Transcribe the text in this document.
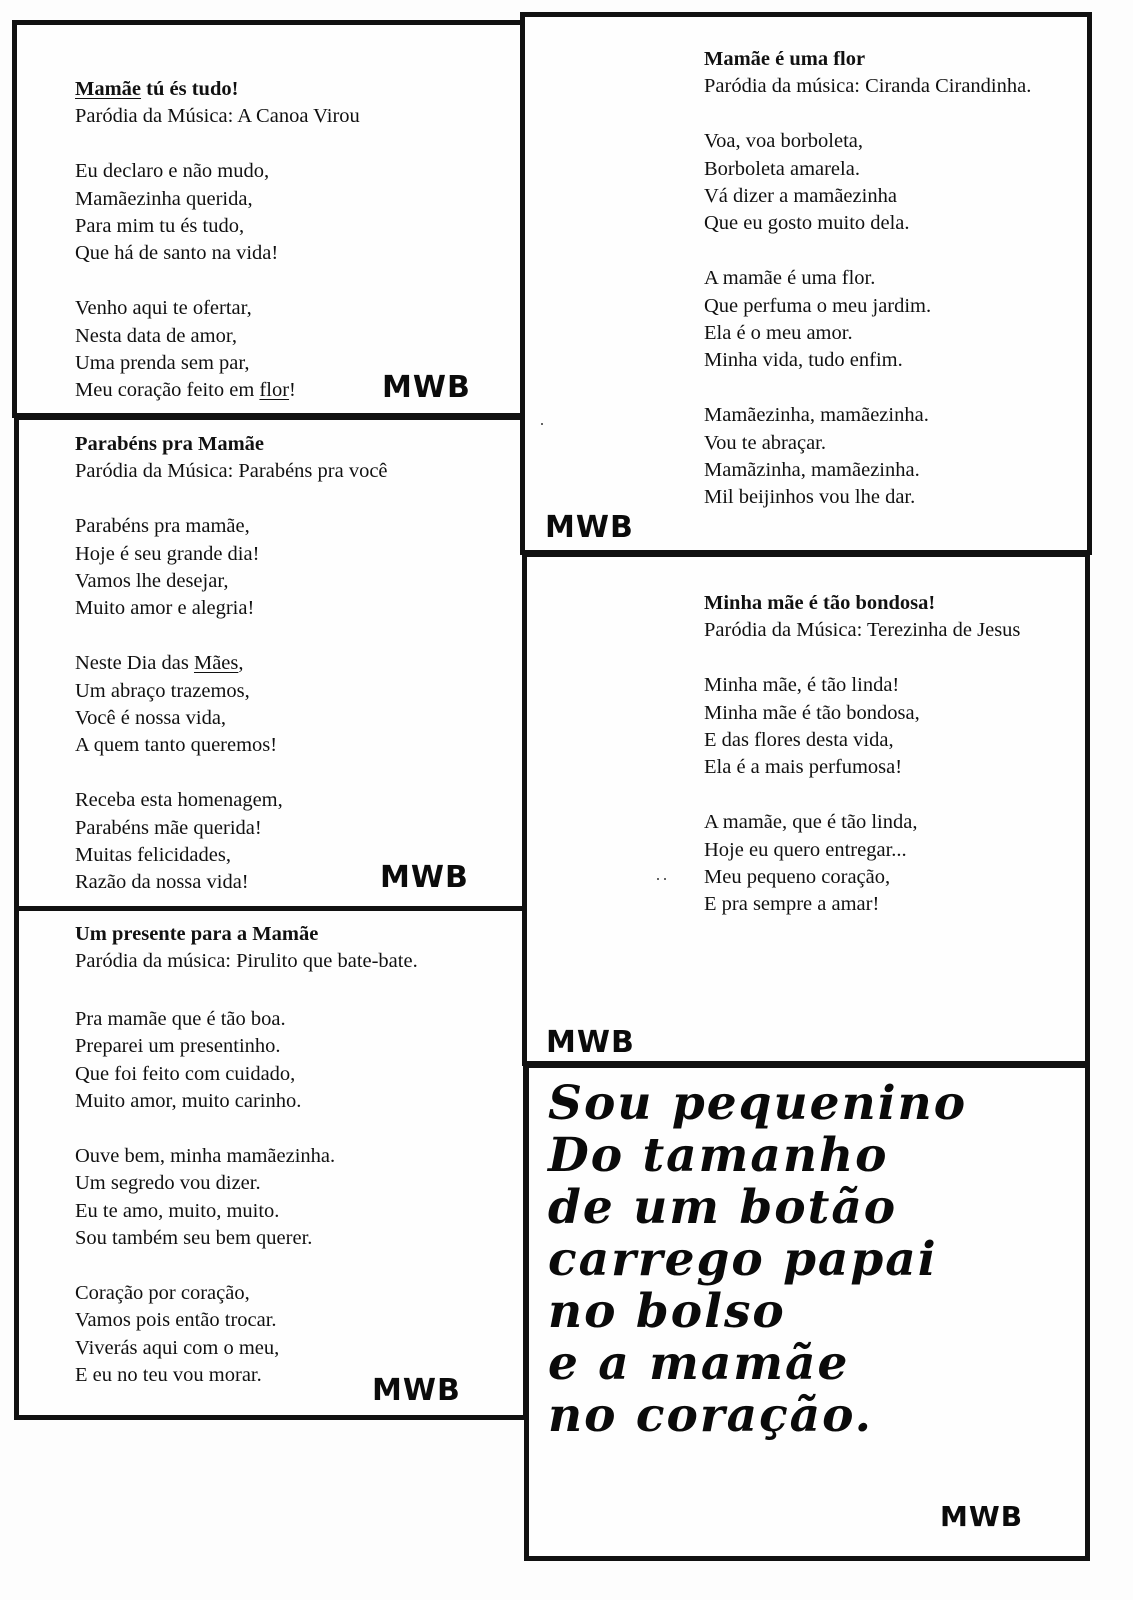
Mamãe tú és tudo!

Paródia da Música: A Canoa Virou

Eu declaro e não mudo,

Mamãezinha querida,

Para mim tu és tudo,

Que há de santo na vida!

Venho aqui te ofertar,

Nesta data de amor,

Uma prenda sem par,

Meu coração feito em flor!	MWB

Parabéns pra Mamãe

Paródia da Música: Parabéns pra você

Parabéns pra mamãe,

Hoje é seu grande dia!

Vamos lhe desejar,

Muito amor e alegria!

Neste Dia das Mães,

Um abraço trazemos,

Você é nossa vida,

A quem tanto queremos!

Receba esta homenagem,

Parabéns mãe querida!

Muitas felicidades,

Razão da nossa vida!	MWB

Um presente para a Mamãe

Paródia da música: Pirulito que bate-bate.

Pra mamãe que é tão boa.

Preparei um presentinho.

Que foi feito com cuidado,

Muito amor, muito carinho.

Ouve bem, minha mamãezinha.

Um segredo vou dizer.

Eu te amo, muito, muito.

Sou também seu bem querer.

Coração por coração,

Vamos pois então trocar.

Viverás aqui com o meu,

E eu no teu vou morar.	MWB

Mamãe é uma flor

Paródia da música: Ciranda Cirandinha.

Voa, voa borboleta,

Borboleta amarela.

Vá dizer a mamãezinha

Que eu gosto muito dela.

A mamãe é uma flor.

Que perfuma o meu jardim.

Ela é o meu amor.

Minha vida, tudo enfim.

Mamãezinha, mamãezinha.

Vou te abraçar.

Mamãzinha, mamãezinha.

Mil beijinhos vou lhe dar.

MWB

Minha mãe é tão bondosa!

Paródia da Música: Terezinha de Jesus

Minha mãe, é tão linda!

Minha mãe é tão bondosa,

E das flores desta vida,

Ela é a mais perfumosa!

A mamãe, que é tão linda,

Hoje eu quero entregar...

Meu pequeno coração,

E pra sempre a amar!

MWB
Sou pequenino
Do tamanho
de um botão
carrego papai
no bolso
e a mamãe
no coração.
MWB
